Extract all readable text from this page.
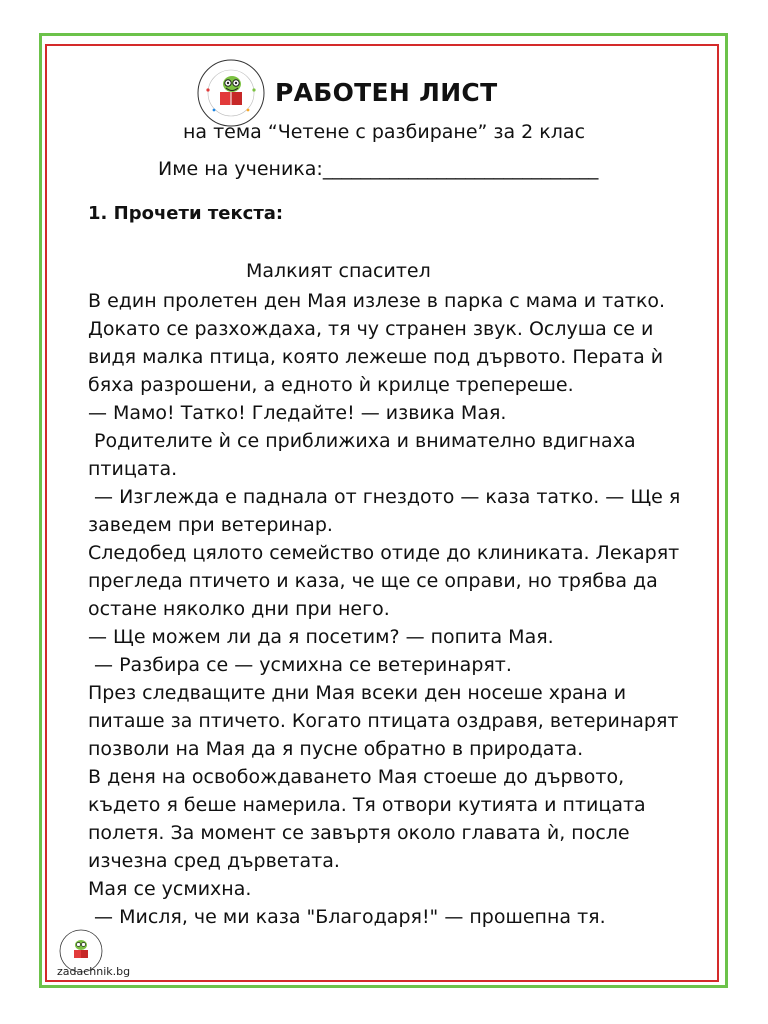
РАБОТЕН ЛИСТ
на тема “Четене с разбиране” за 2 клас
Име на ученика:_____________________________
1. Прочети текста:
Малкият спасител
В един пролетен ден Мая излезе в парка с мама и татко.
Докато се разхождаха, тя чу странен звук. Ослуша се и
видя малка птица, която лежеше под дървото. Перата ѝ
бяха разрошени, а едното ѝ крилце трепереше.
— Мамо! Татко! Гледайте! — извика Мая.
Родителите ѝ се приближиха и внимателно вдигнаха
птицата.
— Изглежда е паднала от гнездото — каза татко. — Ще я
заведем при ветеринар.
Следобед цялото семейство отиде до клиниката. Лекарят
прегледа птичето и каза, че ще се оправи, но трябва да
остане няколко дни при него.
— Ще можем ли да я посетим? — попита Мая.
— Разбира се — усмихна се ветеринарят.
През следващите дни Мая всеки ден носеше храна и
питаше за птичето. Когато птицата оздравя, ветеринарят
позволи на Мая да я пусне обратно в природата.
В деня на освобождаването Мая стоеше до дървото,
където я беше намерила. Тя отвори кутията и птицата
полетя. За момент се завъртя около главата ѝ, после
изчезна сред дърветата.
Мая се усмихна.
— Мисля, че ми каза "Благодаря!" — прошепна тя.
zadachnik.bg
